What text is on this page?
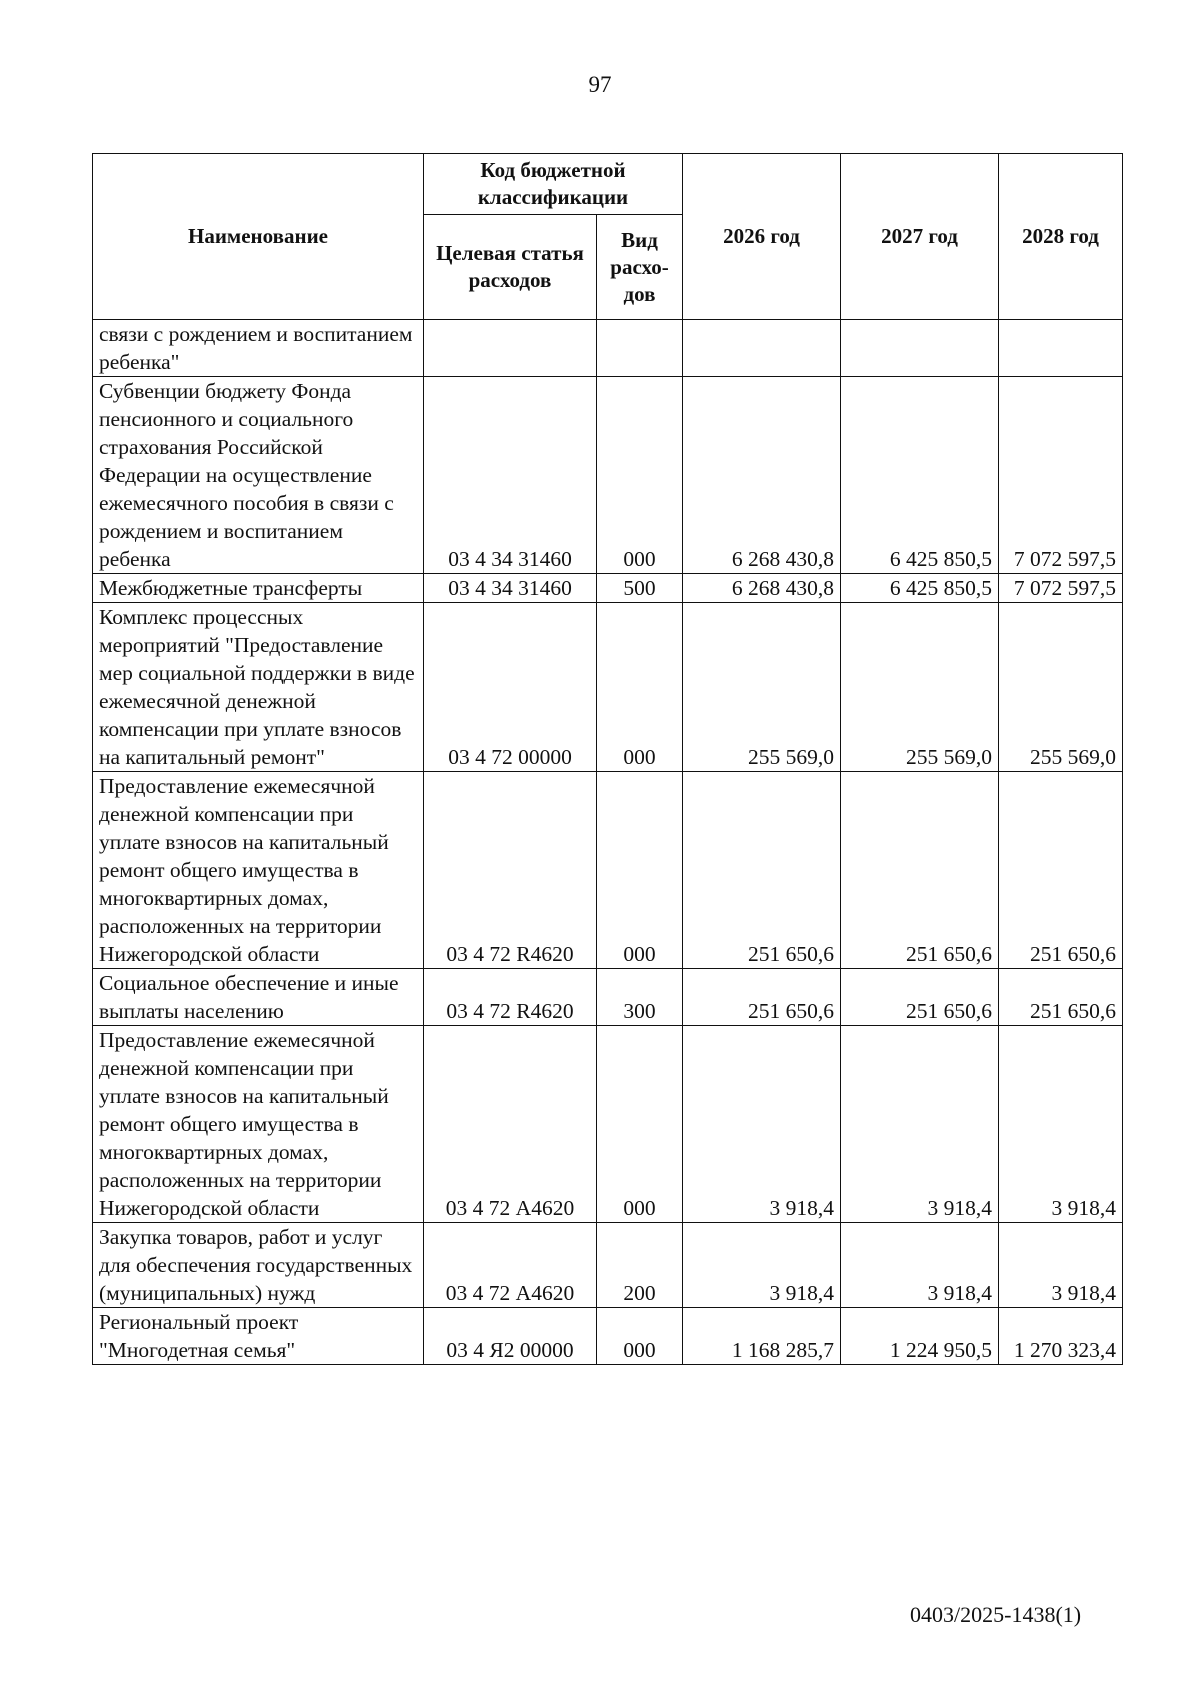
97
Наименование	Код бюджетной классификации		2026 год	2027 год	2028 год
	Целевая статья расходов	Вид расхо-дов			
связи с рождением и воспитанием ребенка"					
Субвенции бюджету Фонда пенсионного и социального страхования Российской Федерации на осуществление ежемесячного пособия в связи с рождением и воспитанием ребенка	03 4 34 31460	000	6 268 430,8	6 425 850,5	7 072 597,5
Межбюджетные трансферты	03 4 34 31460	500	6 268 430,8	6 425 850,5	7 072 597,5
Комплекс процессных мероприятий "Предоставление мер социальной поддержки в виде ежемесячной денежной компенсации при уплате взносов на капитальный ремонт"	03 4 72 00000	000	255 569,0	255 569,0	255 569,0
Предоставление ежемесячной денежной компенсации при уплате взносов на капитальный ремонт общего имущества в многоквартирных домах, расположенных на территории Нижегородской области	03 4 72 R4620	000	251 650,6	251 650,6	251 650,6
Социальное обеспечение и иные выплаты населению	03 4 72 R4620	300	251 650,6	251 650,6	251 650,6
Предоставление ежемесячной денежной компенсации при уплате взносов на капитальный ремонт общего имущества в многоквартирных домах, расположенных на территории Нижегородской области	03 4 72 А4620	000	3 918,4	3 918,4	3 918,4
Закупка товаров, работ и услуг для обеспечения государственных (муниципальных) нужд	03 4 72 А4620	200	3 918,4	3 918,4	3 918,4
Региональный проект "Многодетная семья"	03 4 Я2 00000	000	1 168 285,7	1 224 950,5	1 270 323,4
0403/2025-1438(1)
